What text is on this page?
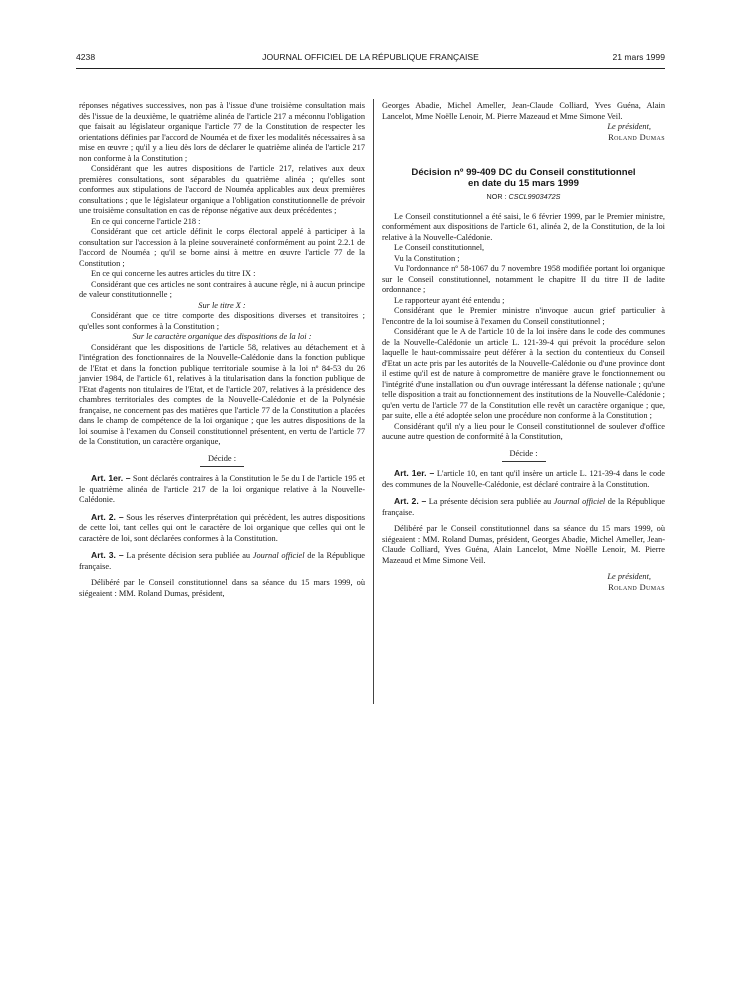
4238	JOURNAL OFFICIEL DE LA RÉPUBLIQUE FRANÇAISE	21 mars 1999

réponses négatives successives, non pas à l'issue d'une troisième consultation mais dès l'issue de la deuxième, le quatrième alinéa de l'article 217 a méconnu l'obligation que faisait au législateur organique l'article 77 de la Constitution de respecter les orientations définies par l'accord de Nouméa et de fixer les modalités nécessaires à sa mise en œuvre ; qu'il y a lieu dès lors de déclarer le quatrième alinéa de l'article 217 non conforme à la Constitution ;

Considérant que les autres dispositions de l'article 217, relatives aux deux premières consultations, sont séparables du quatrième alinéa ; qu'elles sont conformes aux stipulations de l'accord de Nouméa applicables aux deux premières consultations ; que le législateur organique a l'obligation constitutionnelle de prévoir une troisième consultation en cas de réponse négative aux deux précédentes ;

En ce qui concerne l'article 218 :

Considérant que cet article définit le corps électoral appelé à participer à la consultation sur l'accession à la pleine souveraineté conformément au point 2.2.1 de l'accord de Nouméa ; qu'il se borne ainsi à mettre en œuvre l'article 77 de la Constitution ;

En ce qui concerne les autres articles du titre IX :

Considérant que ces articles ne sont contraires à aucune règle, ni à aucun principe de valeur constitutionnelle ;

Sur le titre X :

Considérant que ce titre comporte des dispositions diverses et transitoires ; qu'elles sont conformes à la Constitution ;

Sur le caractère organique des dispositions de la loi :

Considérant que les dispositions de l'article 58, relatives au détachement et à l'intégration des fonctionnaires de la Nouvelle-Calédonie dans la fonction publique de l'Etat et dans la fonction publique territoriale soumise à la loi nº 84-53 du 26 janvier 1984, de l'article 61, relatives à la titularisation dans la fonction publique de l'Etat d'agents non titulaires de l'Etat, et de l'article 207, relatives à la présidence des chambres territoriales des comptes de la Nouvelle-Calédonie et de la Polynésie française, ne concernent pas des matières que l'article 77 de la Constitution a placées dans le champ de compétence de la loi organique ; que les autres dispositions de la loi soumise à l'examen du Conseil constitutionnel présentent, en vertu de l'article 77 de la Constitution, un caractère organique,

Décide :

Art. 1er. – Sont déclarés contraires à la Constitution le 5e du I de l'article 195 et le quatrième alinéa de l'article 217 de la loi organique relative à la Nouvelle-Calédonie.

Art. 2. – Sous les réserves d'interprétation qui précèdent, les autres dispositions de cette loi, tant celles qui ont le caractère de loi organique que celles qui ont le caractère de loi, sont déclarées conformes à la Constitution.

Art. 3. – La présente décision sera publiée au Journal officiel de la République française.

Délibéré par le Conseil constitutionnel dans sa séance du 15 mars 1999, où siégeaient : MM. Roland Dumas, président,

Georges Abadie, Michel Ameller, Jean-Claude Colliard, Yves Guéna, Alain Lancelot, Mme Noëlle Lenoir, M. Pierre Mazeaud et Mme Simone Veil.

Le président,

Roland Dumas

Décision nº 99-409 DC du Conseil constitutionnel
en date du 15 mars 1999
NOR : CSCL9903472S

Le Conseil constitutionnel a été saisi, le 6 février 1999, par le Premier ministre, conformément aux dispositions de l'article 61, alinéa 2, de la Constitution, de la loi relative à la Nouvelle-Calédonie.

Le Conseil constitutionnel,

Vu la Constitution ;

Vu l'ordonnance nº 58-1067 du 7 novembre 1958 modifiée portant loi organique sur le Conseil constitutionnel, notamment le chapitre II du titre II de ladite ordonnance ;

Le rapporteur ayant été entendu ;

Considérant que le Premier ministre n'invoque aucun grief particulier à l'encontre de la loi soumise à l'examen du Conseil constitutionnel ;

Considérant que le A de l'article 10 de la loi insère dans le code des communes de la Nouvelle-Calédonie un article L. 121-39-4 qui prévoit la procédure selon laquelle le haut-commissaire peut déférer à la section du contentieux du Conseil d'Etat un acte pris par les autorités de la Nouvelle-Calédonie ou d'une province dont il estime qu'il est de nature à compromettre de manière grave le fonctionnement ou l'intégrité d'une installation ou d'un ouvrage intéressant la défense nationale ; qu'une telle disposition a trait au fonctionnement des institutions de la Nouvelle-Calédonie ; qu'en vertu de l'article 77 de la Constitution elle revêt un caractère organique ; que, par suite, elle a été adoptée selon une procédure non conforme à la Constitution ;

Considérant qu'il n'y a lieu pour le Conseil constitutionnel de soulever d'office aucune autre question de conformité à la Constitution,

Décide :

Art. 1er. – L'article 10, en tant qu'il insère un article L. 121-39-4 dans le code des communes de la Nouvelle-Calédonie, est déclaré contraire à la Constitution.

Art. 2. – La présente décision sera publiée au Journal officiel de la République française.

Délibéré par le Conseil constitutionnel dans sa séance du 15 mars 1999, où siégeaient : MM. Roland Dumas, président, Georges Abadie, Michel Ameller, Jean-Claude Colliard, Yves Guéna, Alain Lancelot, Mme Noëlle Lenoir, M. Pierre Mazeaud et Mme Simone Veil.

Le président,

Roland Dumas
